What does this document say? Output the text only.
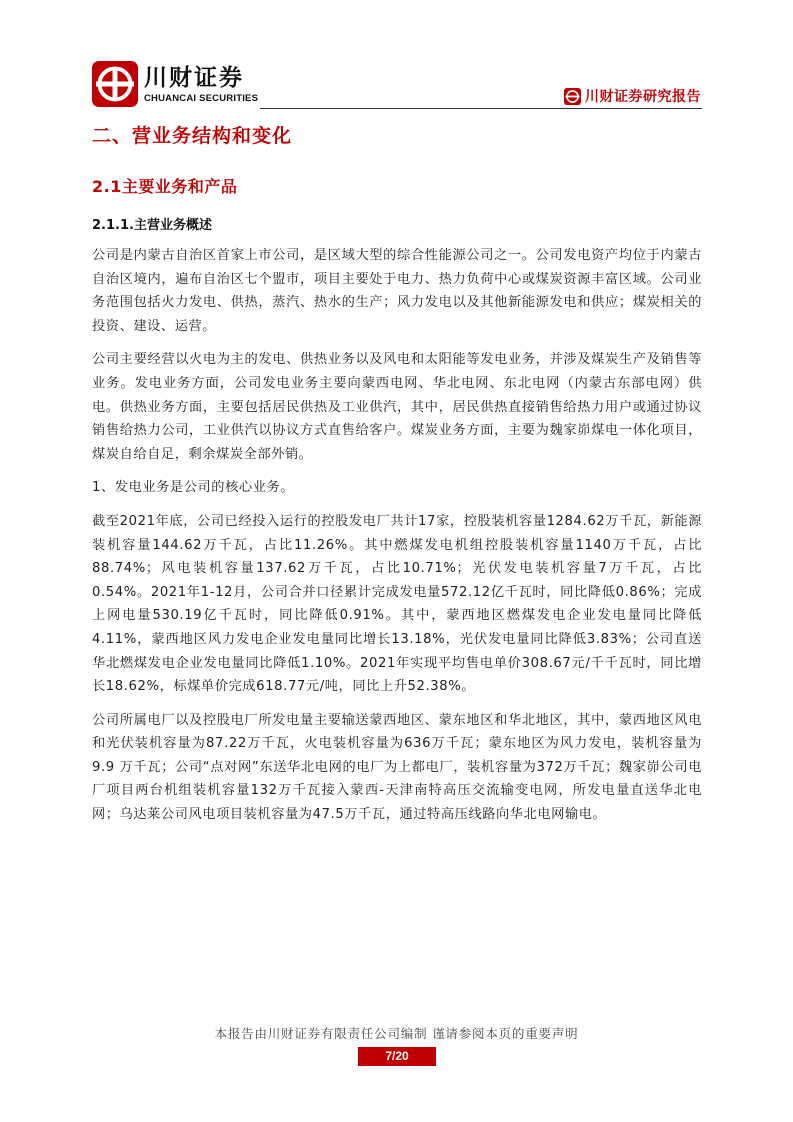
川财证券
CHUANCAI SECURITIES	川财证券研究报告
二、营业务结构和变化
2.1主要业务和产品
2.1.1.主营业务概述

公司是内蒙古自治区首家上市公司，是区域大型的综合性能源公司之一。公司发电资产均位于内蒙古自治区境内，遍布自治区七个盟市，项目主要处于电力、热力负荷中心或煤炭资源丰富区域。公司业务范围包括火力发电、供热，蒸汽、热水的生产；风力发电以及其他新能源发电和供应；煤炭相关的投资、建设、运营。

公司主要经营以火电为主的发电、供热业务以及风电和太阳能等发电业务，并涉及煤炭生产及销售等业务。发电业务方面，公司发电业务主要向蒙西电网、华北电网、东北电网（内蒙古东部电网）供电。供热业务方面，主要包括居民供热及工业供汽，其中，居民供热直接销售给热力用户或通过协议销售给热力公司，工业供汽以协议方式直售给客户。煤炭业务方面，主要为魏家峁煤电一体化项目，煤炭自给自足，剩余煤炭全部外销。

1、发电业务是公司的核心业务。

截至2021年底，公司已经投入运行的控股发电厂共计17家，控股装机容量1284.62万千瓦，新能源装机容量144.62万千瓦，占比11.26%。其中燃煤发电机组控股装机容量1140万千瓦，占比88.74%；风电装机容量137.62万千瓦，占比10.71%；光伏发电装机容量7万千瓦，占比0.54%。2021年1-12月，公司合并口径累计完成发电量572.12亿千瓦时，同比降低0.86%；完成上网电量530.19亿千瓦时，同比降低0.91%。其中，蒙西地区燃煤发电企业发电量同比降低4.11%，蒙西地区风力发电企业发电量同比增长13.18%，光伏发电量同比降低3.83%；公司直送华北燃煤发电企业发电量同比降低1.10%。2021年实现平均售电单价308.67元/千千瓦时，同比增长18.62%，标煤单价完成618.77元/吨，同比上升52.38%。

公司所属电厂以及控股电厂所发电量主要输送蒙西地区、蒙东地区和华北地区，其中，蒙西地区风电和光伏装机容量为87.22万千瓦，火电装机容量为636万千瓦；蒙东地区为风力发电，装机容量为 9.9 万千瓦；公司“点对网”东送华北电网的电厂为上都电厂，装机容量为372万千瓦；魏家峁公司电厂项目两台机组装机容量132万千瓦接入蒙西-天津南特高压交流输变电网，所发电量直送华北电网；乌达莱公司风电项目装机容量为47.5万千瓦，通过特高压线路向华北电网输电。

本报告由川财证券有限责任公司编制 谨请参阅本页的重要声明
7/20
